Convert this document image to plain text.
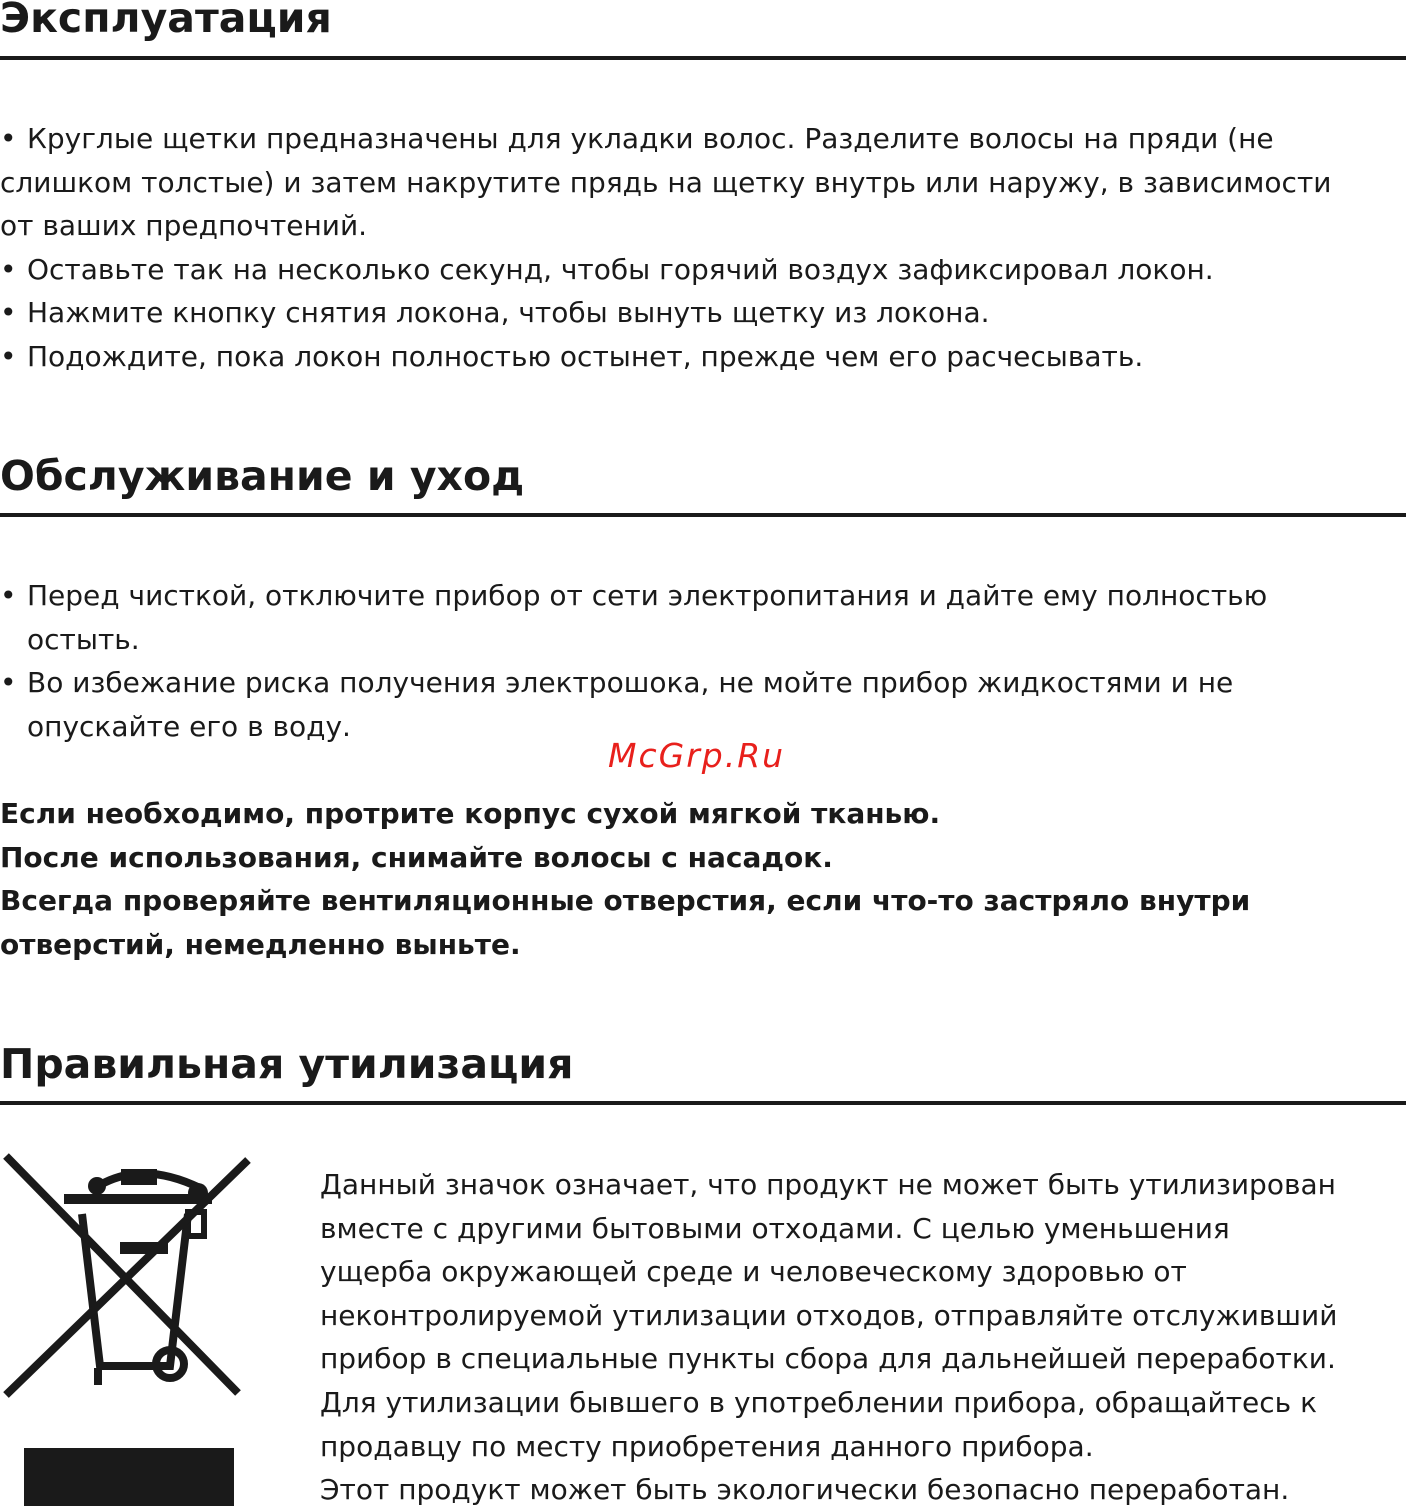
Эксплуатация
• Круглые щетки предназначены для укладки волос. Разделите волосы на пряди (не
слишком толстые) и затем накрутите прядь на щетку внутрь или наружу, в зависимости
от ваших предпочтений.
• Оставьте так на несколько секунд, чтобы горячий воздух зафиксировал локон.
• Нажмите кнопку снятия локона, чтобы вынуть щетку из локона.
• Подождите, пока локон полностью остынет, прежде чем его расчесывать.
Обслуживание и уход
• Перед чисткой, отключите прибор от сети электропитания и дайте ему полностью
остыть.
• Во избежание риска получения электрошока, не мойте прибор жидкостями и не
опускайте его в воду.
McGrp.Ru
Если необходимо, протрите корпус сухой мягкой тканью.
После использования, снимайте волосы с насадок.
Всегда проверяйте вентиляционные отверстия, если что-то застряло внутри
отверстий, немедленно выньте.
Правильная утилизация
Данный значок означает, что продукт не может быть утилизирован
вместе с другими бытовыми отходами. С целью уменьшения
ущерба окружающей среде и человеческому здоровью от
неконтролируемой утилизации отходов, отправляйте отслуживший
прибор в специальные пункты сбора для дальнейшей переработки.
Для утилизации бывшего в употреблении прибора, обращайтесь к
продавцу по месту приобретения данного прибора.
Этот продукт может быть экологически безопасно переработан.
